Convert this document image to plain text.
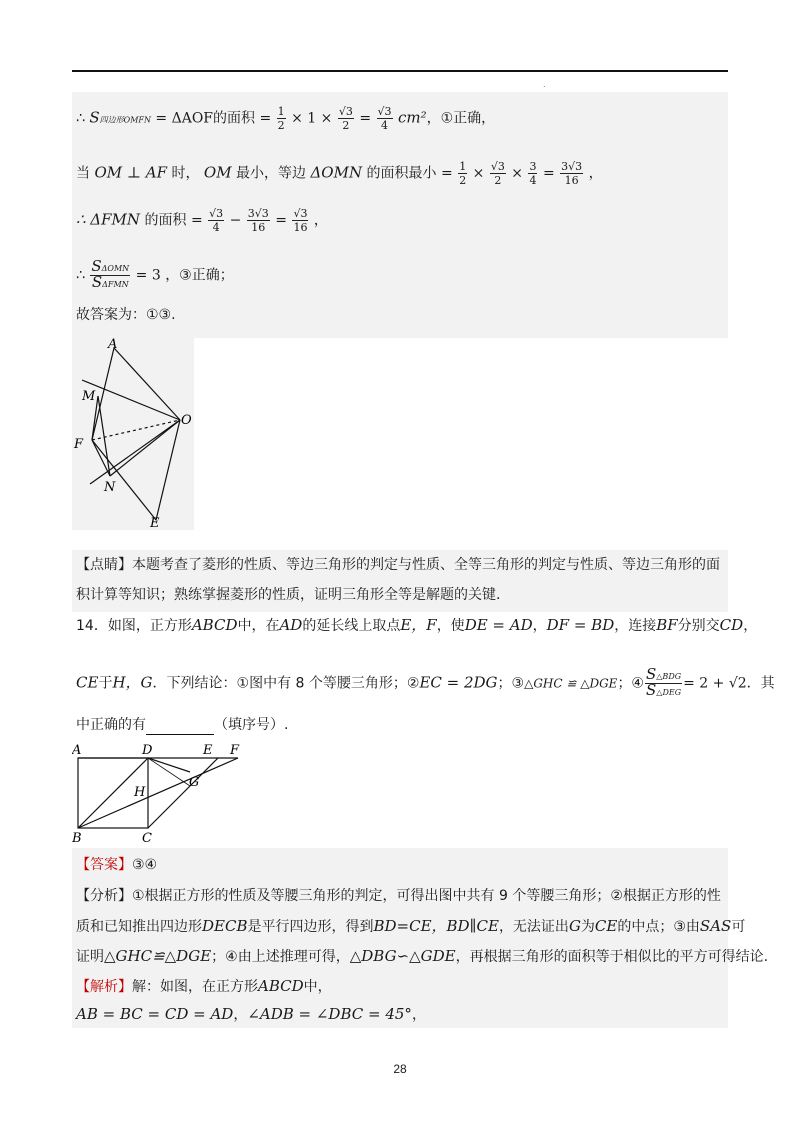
.
∴ S四边形OMFN = ΔAOF的面积 = $\frac{1}{2} \times 1 \times \frac{√3}{2} = \frac{√3}{4} cm^2$，①正确，
当 OM ⊥ AF 时， OM 最小，等边 ΔOMN 的面积最小 = $\frac{1}{2} \times \frac{√3}{2} \times \frac{3}{4} = \frac{3√3}{16}$ ，
∴ ΔFMN 的面积 = $\frac{√3}{4} - \frac{3√3}{16} = \frac{√3}{16}$ ，
∴ $\frac{\text{SΔOMN}}{\text{SΔFMN}} = 3$ ，③正确；
故答案为：①③.
A
M
O
F
N
E
【点睛】本题考查了菱形的性质、等边三角形的判定与性质、全等三角形的判定与性质、等边三角形的面
积计算等知识；熟练掌握菱形的性质，证明三角形全等是解题的关键.
14．如图，正方形ABCD中，在AD的延长线上取点E，F，使DE = AD，DF = BD，连接BF分别交CD，
CE于H，G．下列结论：①图中有 8 个等腰三角形；②EC = 2DG；③△GHC ≌ △DGE；④ $\frac{\text{S△BDG}}{\text{S△DEG}} = 2 + √2$．其
中正确的有	（填序号）.
A	D	E F
G
H
B	C
【答案】③④
【分析】①根据正方形的性质及等腰三角形的判定，可得出图中共有 9 个等腰三角形；②根据正方形的性
质和已知推出四边形DECB是平行四边形，得到BD=CE，BD∥CE，无法证出G为CE的中点；③由SAS可
证明△GHC≌△DGE；④由上述推理可得，△DBG∽△GDE，再根据三角形的面积等于相似比的平方可得结论.
【解析】解：如图，在正方形ABCD中，
AB = BC = CD = AD，∠ADB = ∠DBC = 45°，
28
